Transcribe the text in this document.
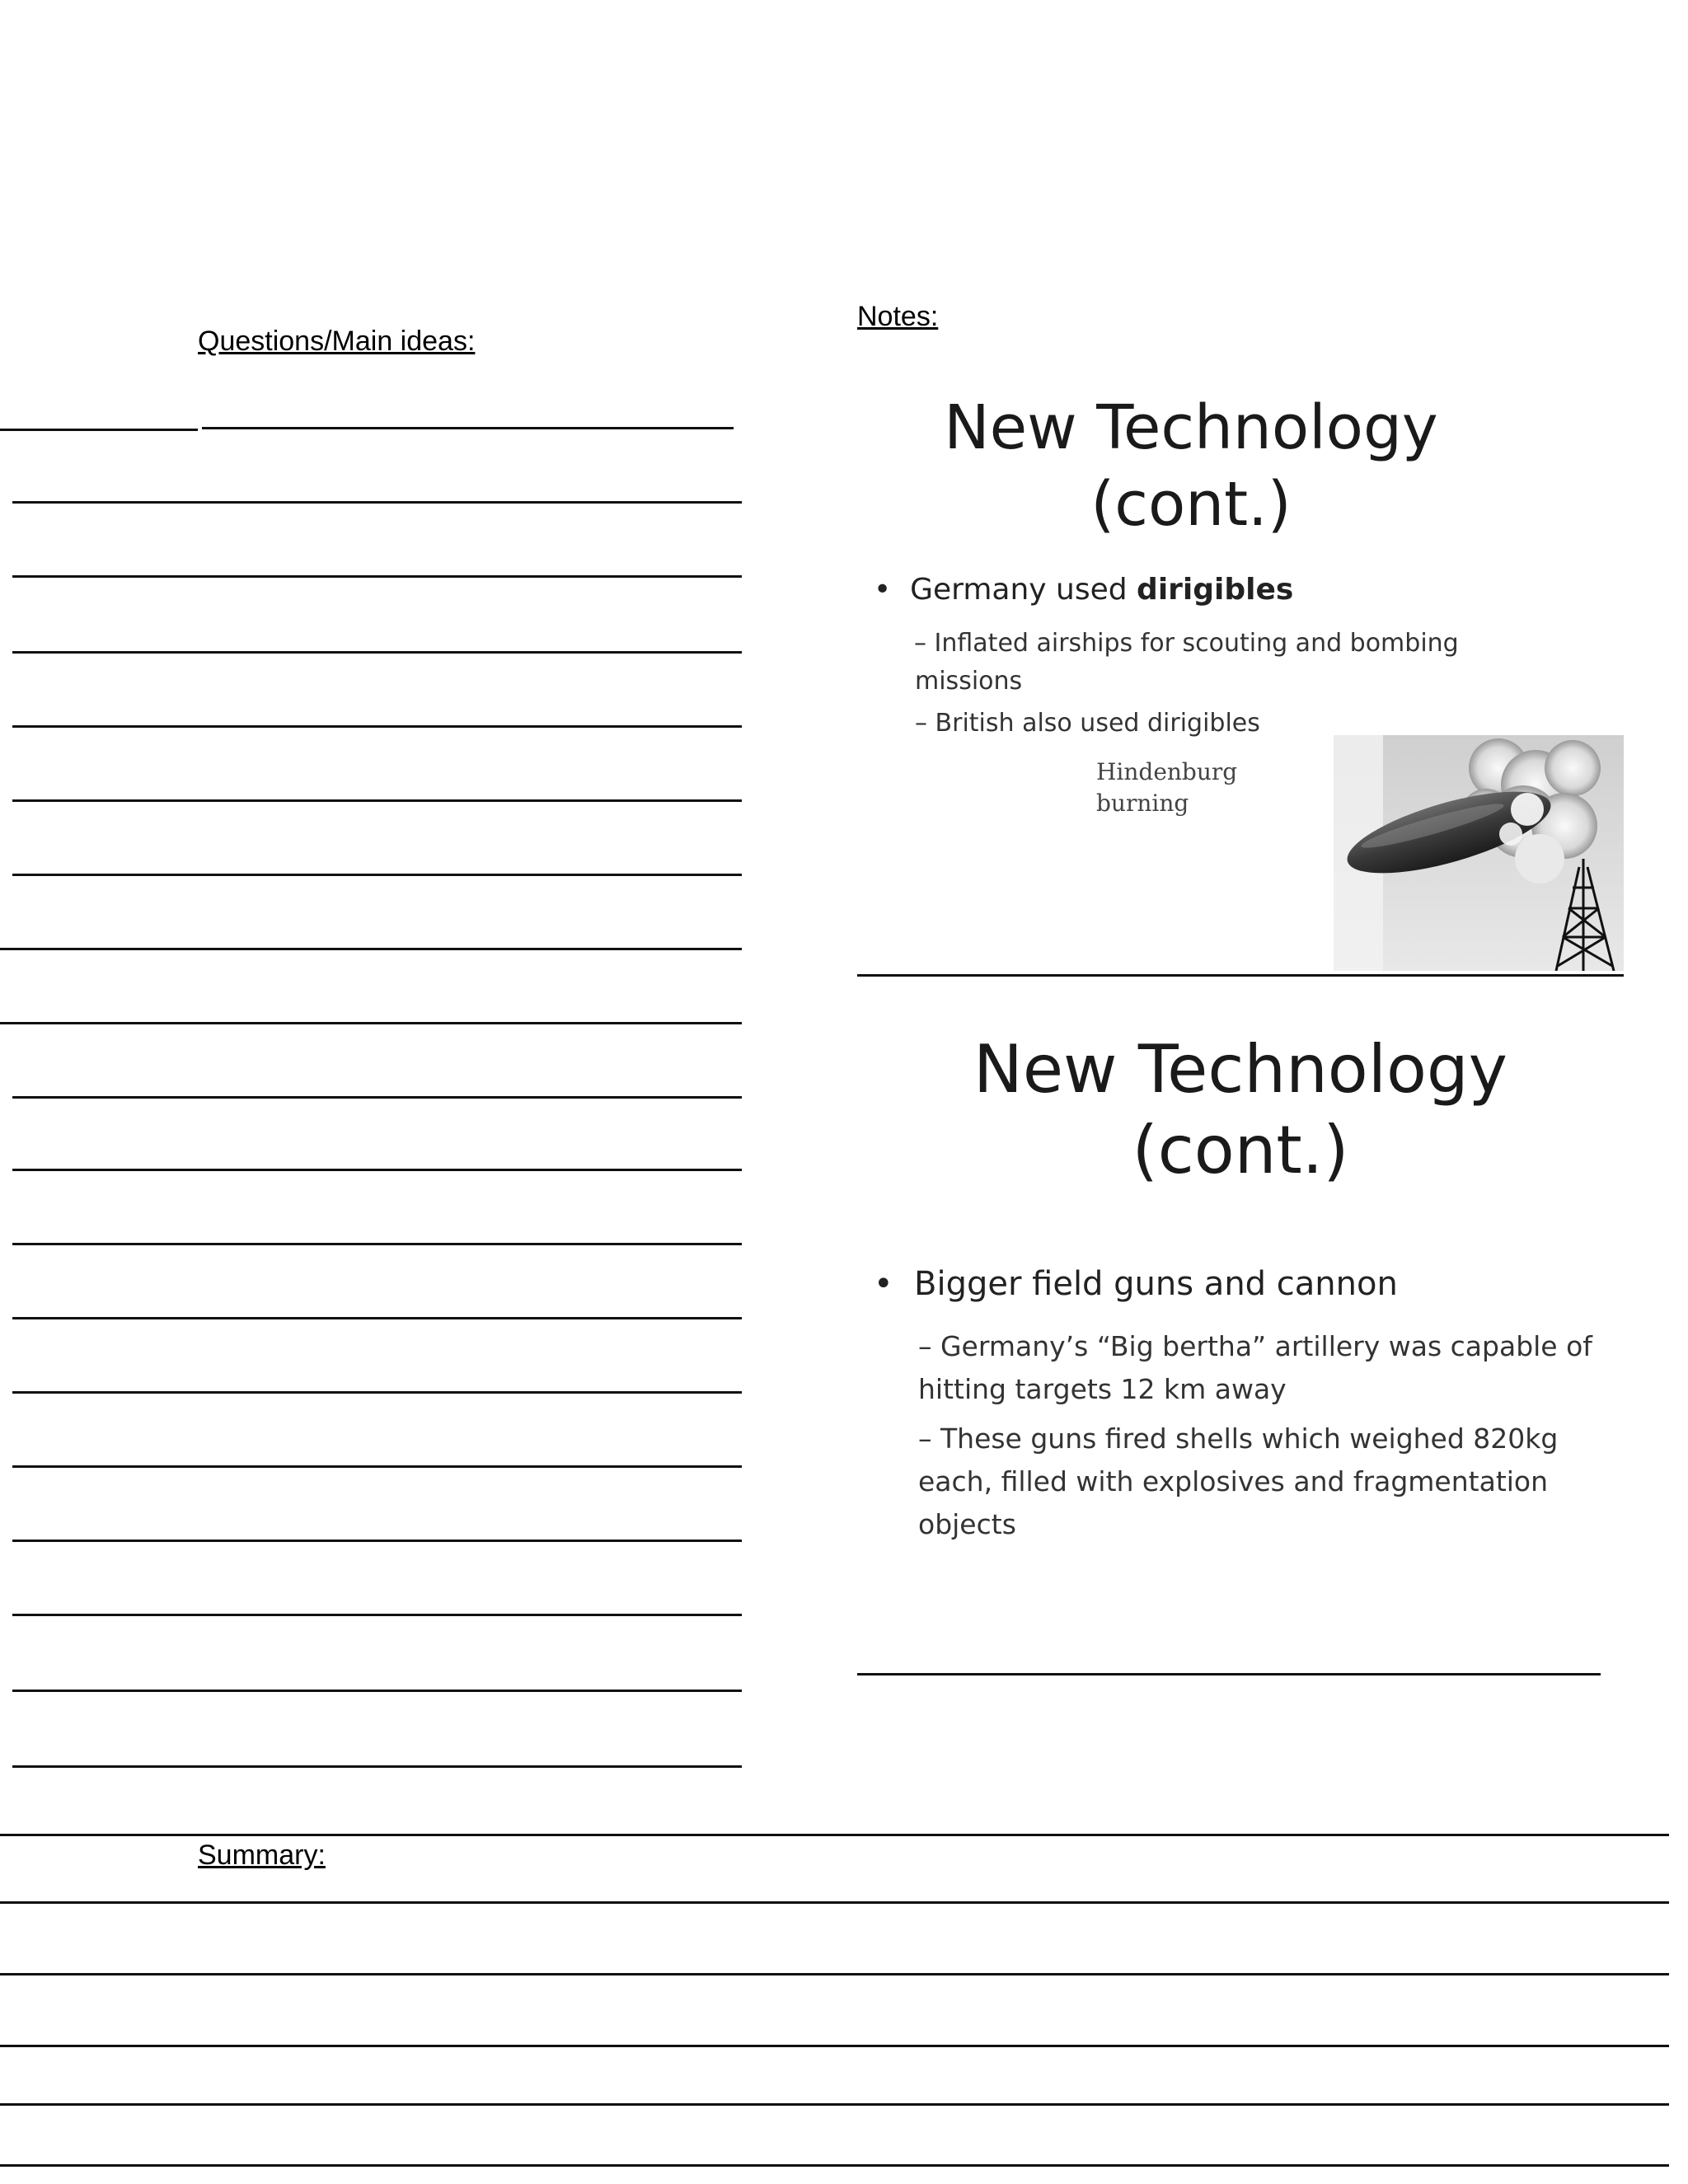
Questions/Main ideas:
Notes:
New Technology
(cont.)
• Germany used dirigibles
– Inflated airships for scouting and bombing missions
– British also used dirigibles
Hindenburg
burning
New Technology
(cont.)
• Bigger field guns and cannon
– Germany’s “Big bertha” artillery was capable of hitting targets 12 km away
– These guns fired shells which weighed 820kg each, filled with explosives and fragmentation objects
Summary:
